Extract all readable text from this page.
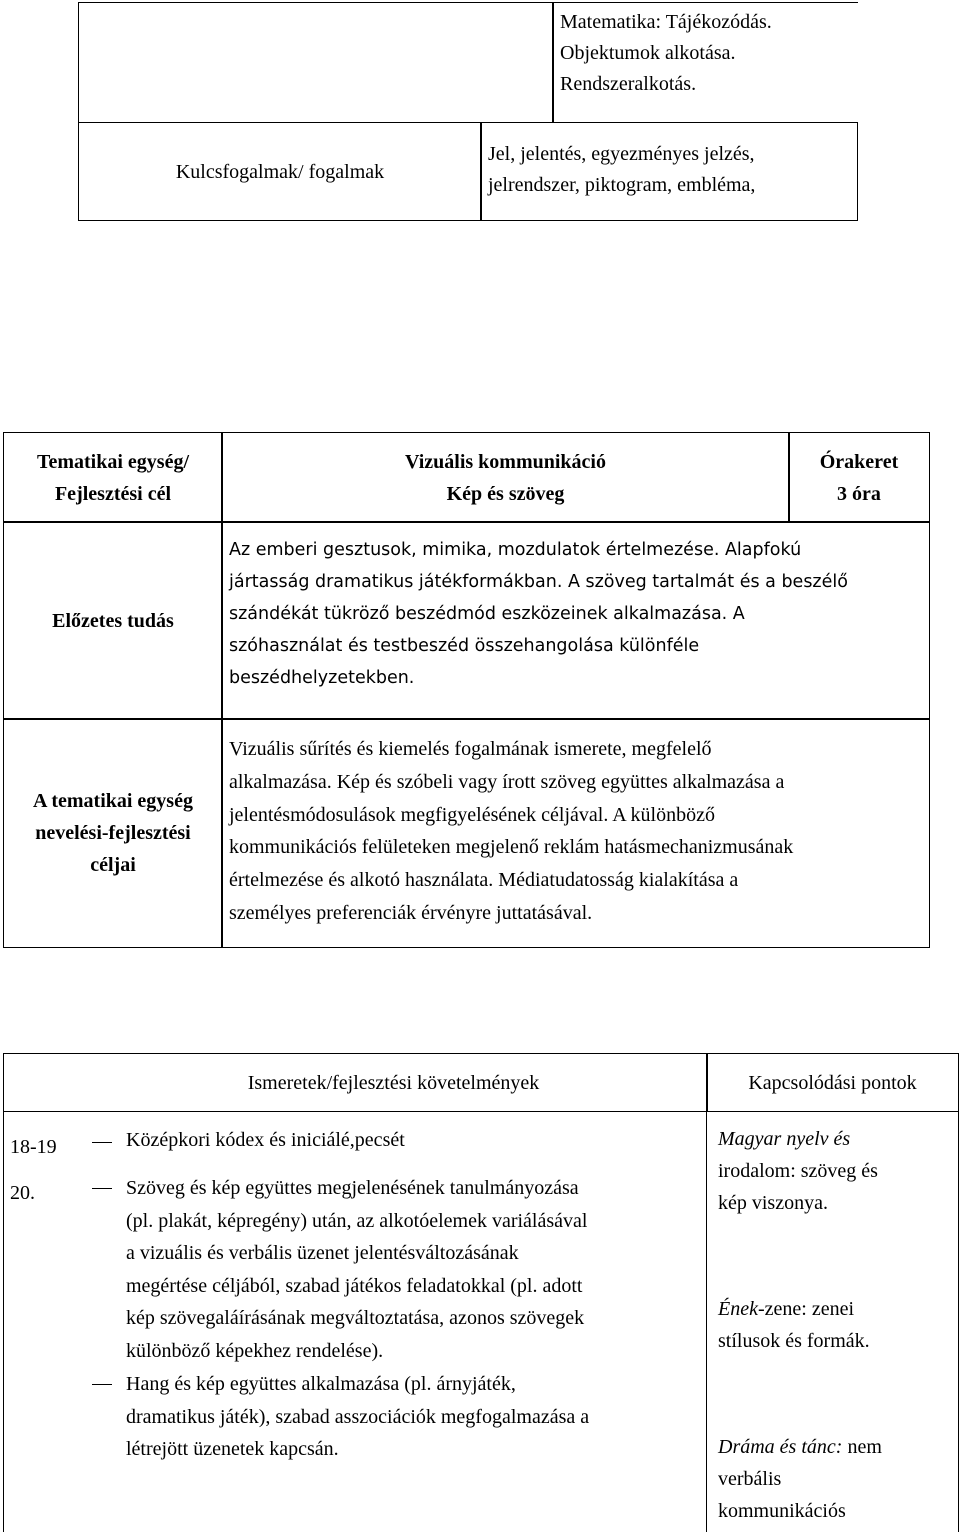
Matematika: Tájékozódás.
Objektumok alkotása.
Rendszeralkotás.
Kulcsfogalmak/ fogalmak
Jel, jelentés, egyezményes jelzés,
jelrendszer, piktogram, embléma,
Tematikai egység/
Fejlesztési cél
Vizuális kommunikáció
Kép és szöveg
Órakeret
3 óra
Előzetes tudás
Az emberi gesztusok, mimika, mozdulatok értelmezése. Alapfokú
jártasság dramatikus játékformákban. A szöveg tartalmát és a beszélő
szándékát tükröző beszédmód eszközeinek alkalmazása. A
szóhasználat és testbeszéd összehangolása különféle
beszédhelyzetekben.
A tematikai egység
nevelési-fejlesztési
céljai
Vizuális sűrítés és kiemelés fogalmának ismerete, megfelelő
alkalmazása. Kép és szóbeli vagy írott szöveg együttes alkalmazása a
jelentésmódosulások megfigyelésének céljával. A különböző
kommunikációs felületeken megjelenő reklám hatásmechanizmusának
értelmezése és alkotó használata. Médiatudatosság kialakítása a
személyes preferenciák érvényre juttatásával.
Ismeretek/fejlesztési követelmények	Kapcsolódási pontok
18-19
20.
Középkori kódex és iniciálé,pecsét
Szöveg és kép együttes megjelenésének tanulmányozása
(pl. plakát, képregény) után, az alkotóelemek variálásával
a vizuális és verbális üzenet jelentésváltozásának
megértése céljából, szabad játékos feladatokkal (pl. adott
kép szövegaláírásának megváltoztatása, azonos szövegek
különböző képekhez rendelése).
Hang és kép együttes alkalmazása (pl. árnyjáték,
dramatikus játék), szabad asszociációk megfogalmazása a
létrejött üzenetek kapcsán.
Magyar nyelv és
irodalom: szöveg és
kép viszonya.
Ének-zene: zenei
stílusok és formák.
Dráma és tánc: nem
verbális
kommunikációs
